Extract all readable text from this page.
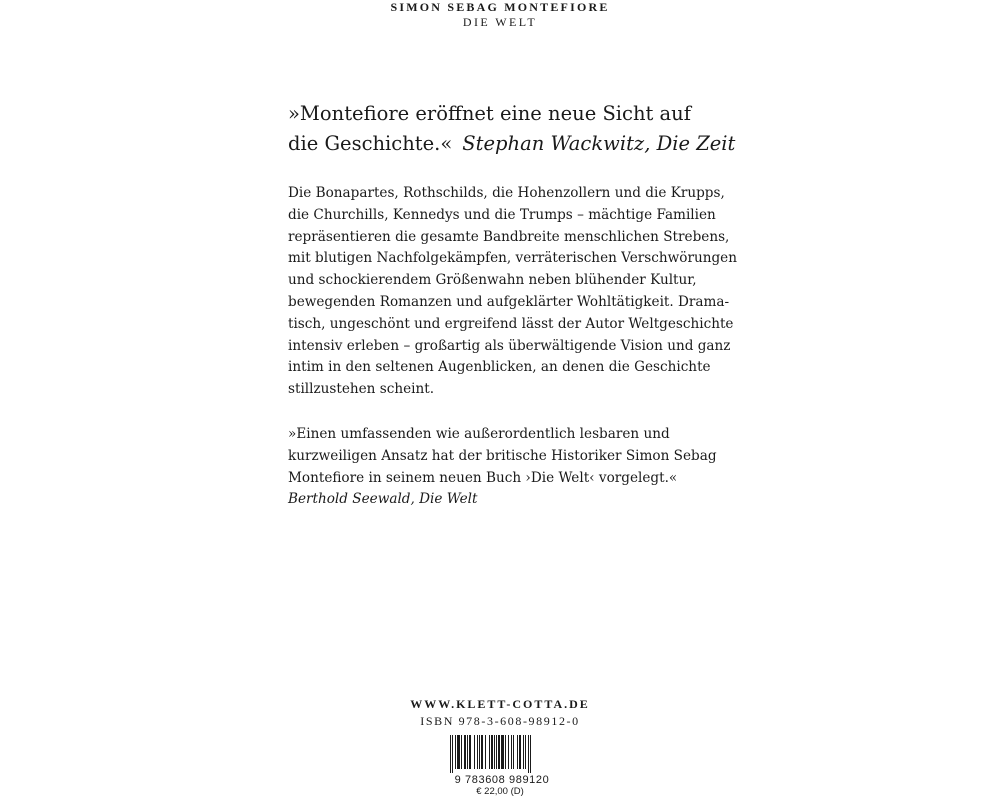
SIMON SEBAG MONTEFIORE
DIE WELT
»Montefiore eröffnet eine neue Sicht auf
die Geschichte.« Stephan Wackwitz, Die Zeit
Die Bonapartes, Rothschilds, die Hohenzollern und die Krupps,
die Churchills, Kennedys und die Trumps – mächtige Familien
repräsentieren die gesamte Bandbreite menschlichen Strebens,
mit blutigen Nachfolgekämpfen, verräterischen Verschwörungen
und schockierendem Größenwahn neben blühender Kultur,
bewegenden Romanzen und aufgeklärter Wohltätigkeit. Drama-
tisch, ungeschönt und ergreifend lässt der Autor Weltgeschichte
intensiv erleben – großartig als überwältigende Vision und ganz
intim in den seltenen Augenblicken, an denen die Geschichte
stillzustehen scheint.
»Einen umfassenden wie außerordentlich lesbaren und
kurzweiligen Ansatz hat der britische Historiker Simon Sebag
Montefiore in seinem neuen Buch ›Die Welt‹ vorgelegt.«
Berthold Seewald, Die Welt
WWW.KLETT-COTTA.DE
ISBN 978-3-608-98912-0
9 783608 989120
€ 22,00 (D)
